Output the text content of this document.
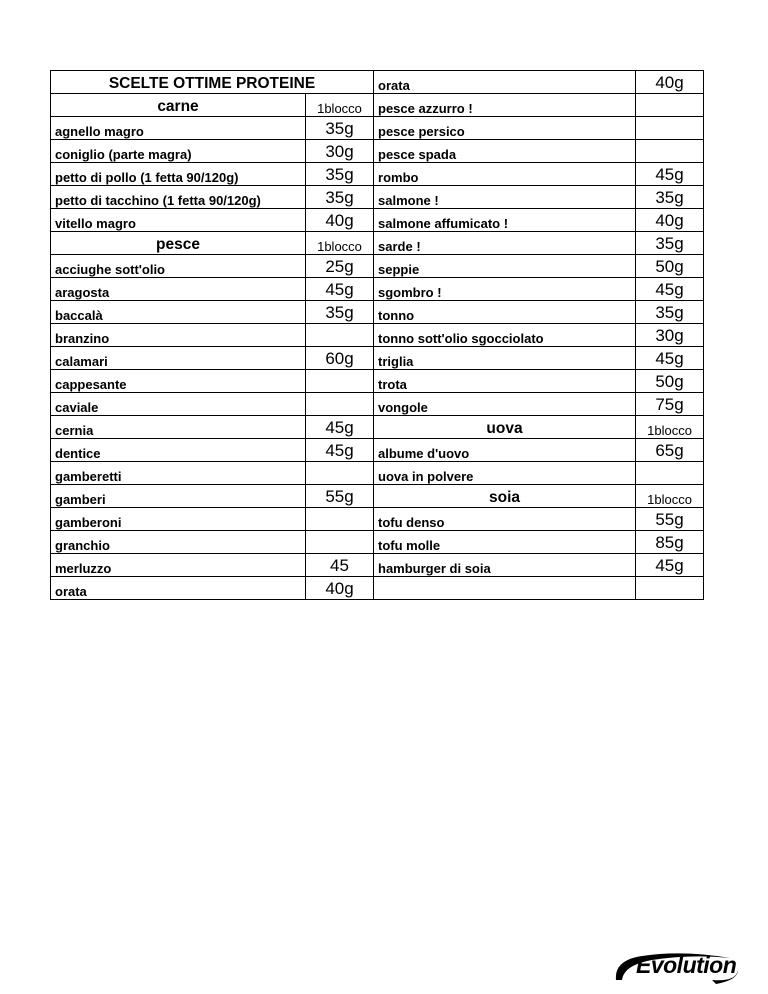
SCELTE OTTIME PROTEINE		orata	40g
carne	1blocco	pesce azzurro !	
agnello magro	35g	pesce persico	
coniglio (parte magra)	30g	pesce spada	
petto di pollo (1 fetta 90/120g)	35g	rombo	45g
petto di tacchino (1 fetta 90/120g)	35g	salmone !	35g
vitello magro	40g	salmone affumicato !	40g
pesce	1blocco	sarde !	35g
acciughe sott'olio	25g	seppie	50g
aragosta	45g	sgombro !	45g
baccalà	35g	tonno	35g
branzino		tonno sott'olio sgocciolato	30g
calamari	60g	triglia	45g
cappesante		trota	50g
caviale		vongole	75g
cernia	45g	uova	1blocco
dentice	45g	albume d'uovo	65g
gamberetti		uova in polvere	
gamberi	55g	soia	1blocco
gamberoni		tofu denso	55g
granchio		tofu molle	85g
merluzzo	45	hamburger di soia	45g
orata	40g		
Evolution
